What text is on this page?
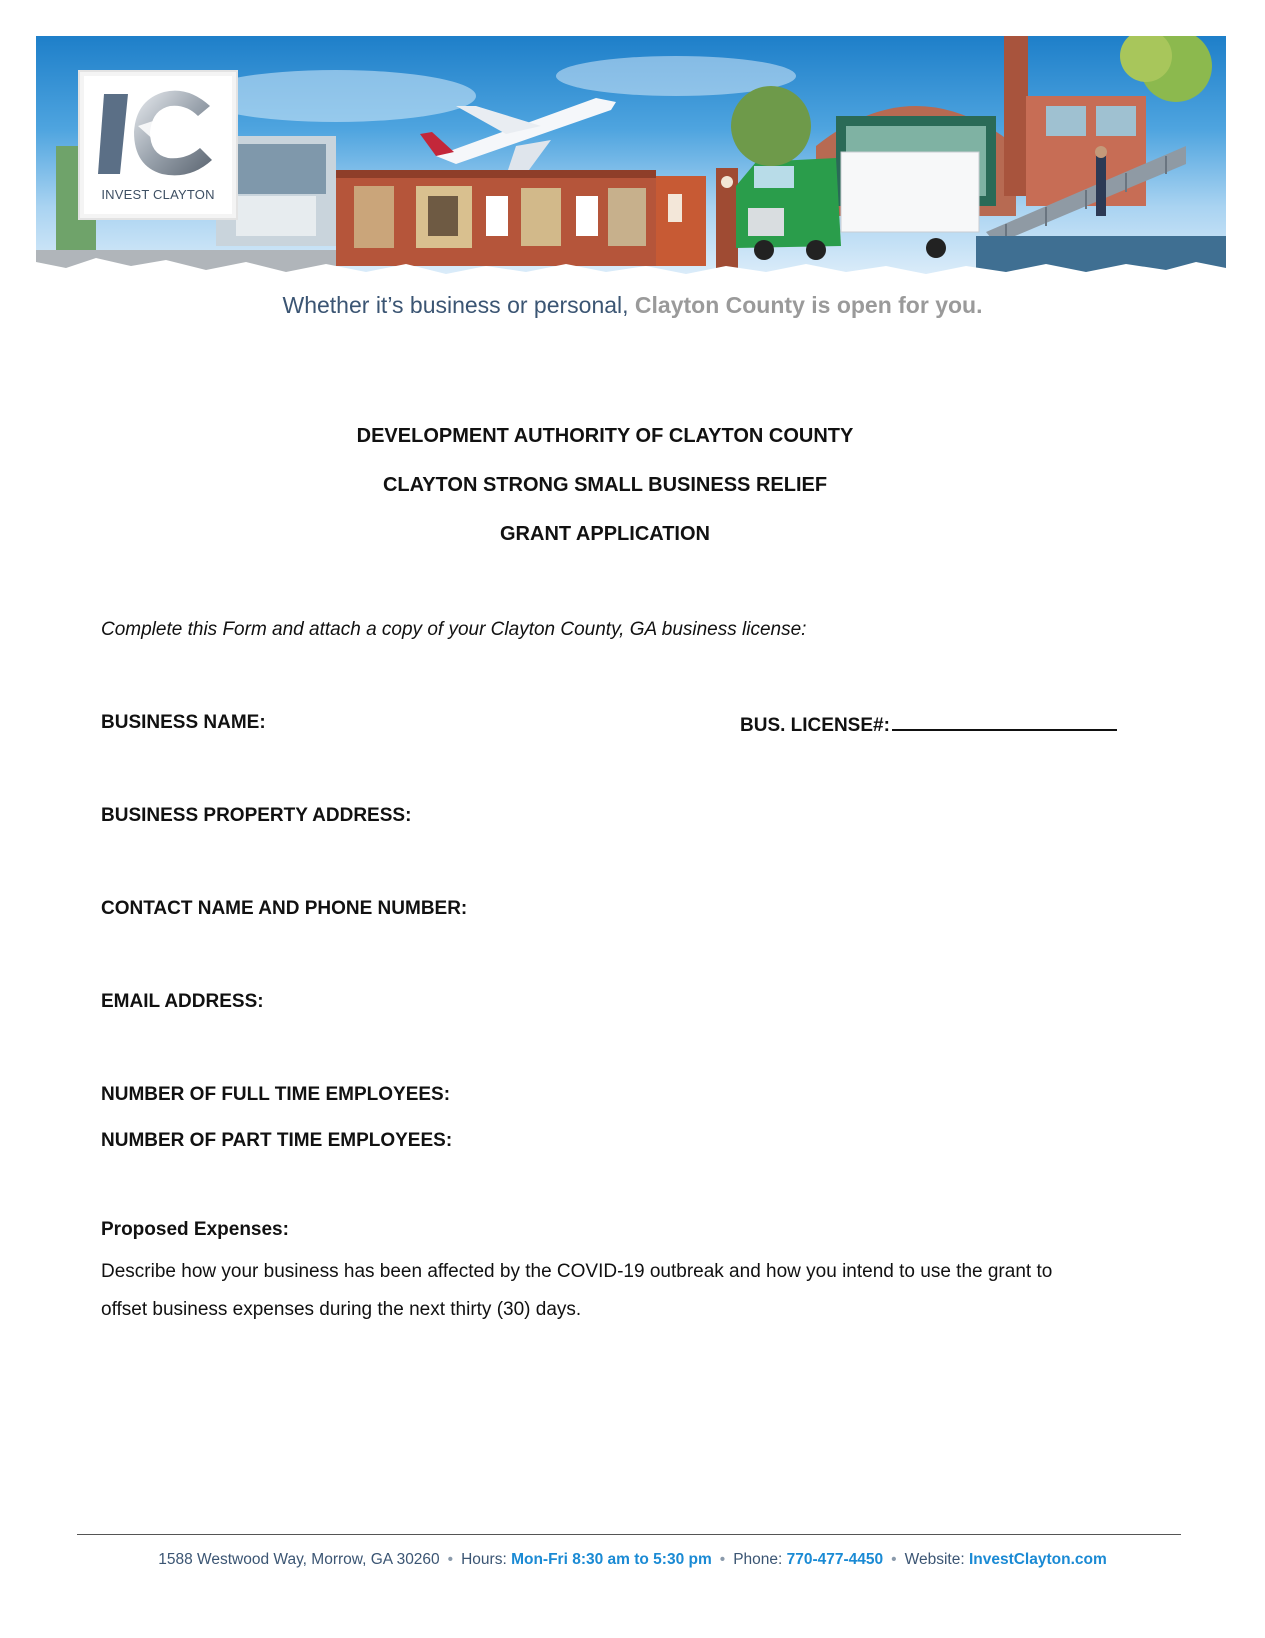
INVEST CLAYTON
Whether it’s business or personal, Clayton County is open for you.
DEVELOPMENT AUTHORITY OF CLAYTON COUNTY
CLAYTON STRONG SMALL BUSINESS RELIEF
GRANT APPLICATION
Complete this Form and attach a copy of your Clayton County, GA business license:
BUSINESS NAME:	BUS. LICENSE#:
BUSINESS PROPERTY ADDRESS:
CONTACT NAME AND PHONE NUMBER:
EMAIL ADDRESS:
NUMBER OF FULL TIME EMPLOYEES:
NUMBER OF PART TIME EMPLOYEES:
Proposed Expenses:
Describe how your business has been affected by the COVID-19 outbreak and how you intend to use the grant to offset business expenses during the next thirty (30) days.
1588 Westwood Way, Morrow, GA 30260 • Hours: Mon-Fri 8:30 am to 5:30 pm • Phone: 770-477-4450 • Website: InvestClayton.com
